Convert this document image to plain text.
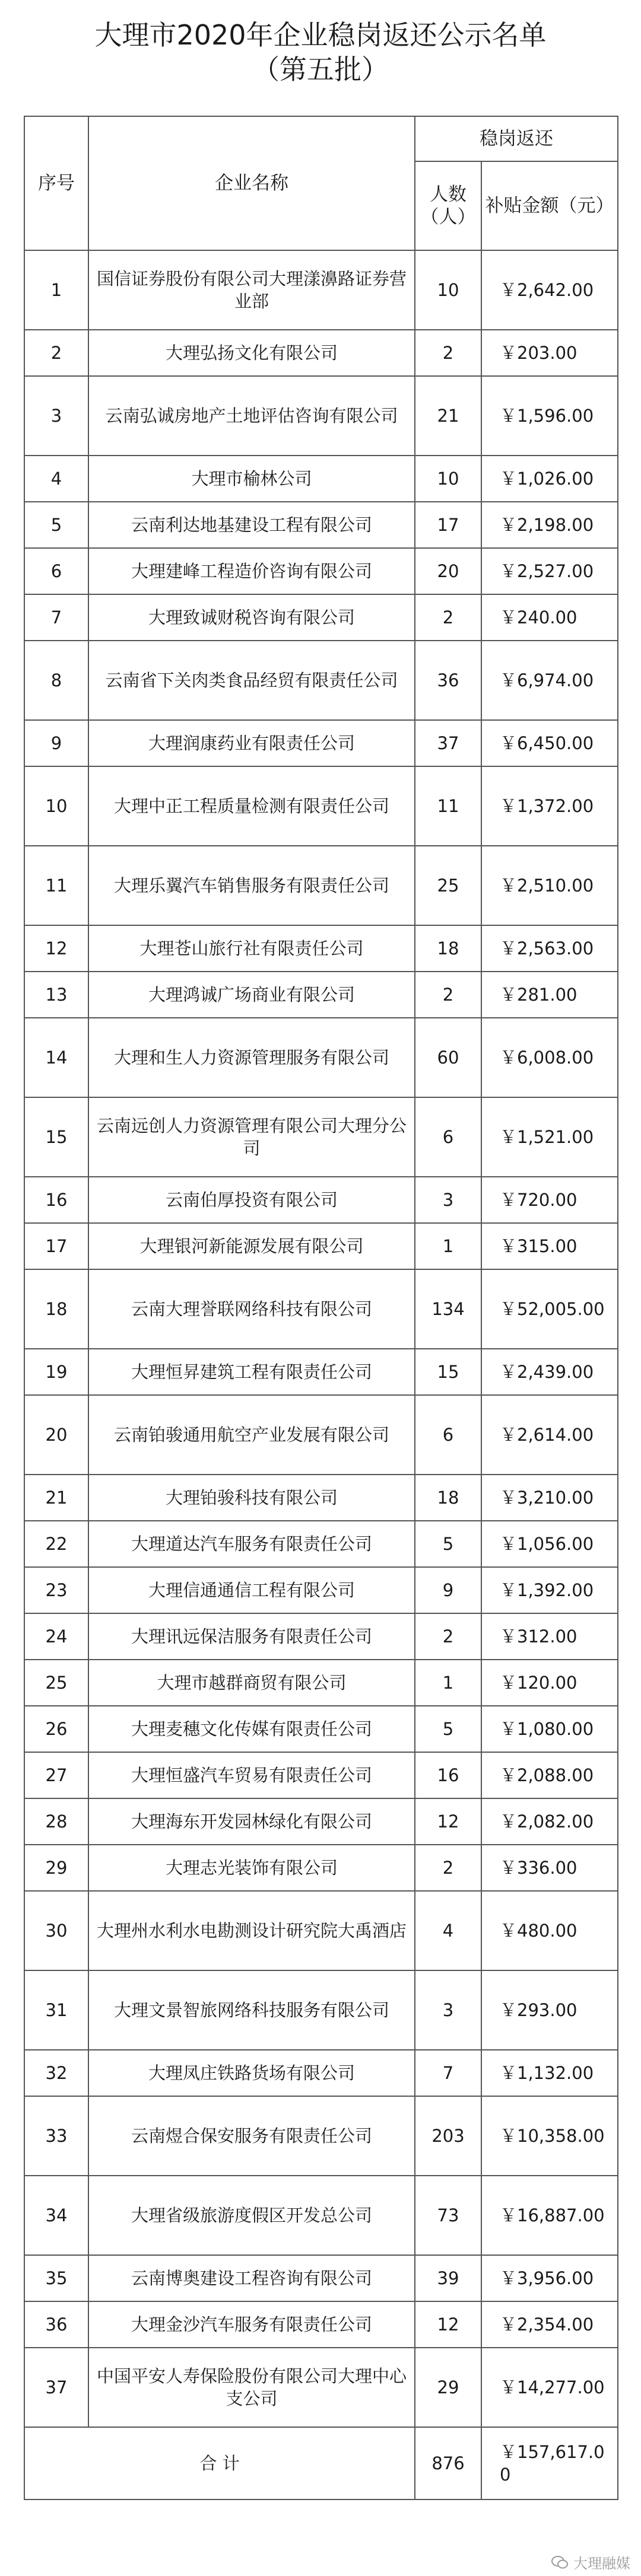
大理市2020年企业稳岗返还公示名单
（第五批）
序号	企业名称	稳岗返还	
		人数（人）	补贴金额（元）
1	国信证券股份有限公司大理漾濞路证券营业部	10	￥2,642.00
2	大理弘扬文化有限公司	2	￥203.00
3	云南弘诚房地产土地评估咨询有限公司	21	￥1,596.00
4	大理市榆林公司	10	￥1,026.00
5	云南利达地基建设工程有限公司	17	￥2,198.00
6	大理建峰工程造价咨询有限公司	20	￥2,527.00
7	大理致诚财税咨询有限公司	2	￥240.00
8	云南省下关肉类食品经贸有限责任公司	36	￥6,974.00
9	大理润康药业有限责任公司	37	￥6,450.00
10	大理中正工程质量检测有限责任公司	11	￥1,372.00
11	大理乐翼汽车销售服务有限责任公司	25	￥2,510.00
12	大理苍山旅行社有限责任公司	18	￥2,563.00
13	大理鸿诚广场商业有限公司	2	￥281.00
14	大理和生人力资源管理服务有限公司	60	￥6,008.00
15	云南远创人力资源管理有限公司大理分公司	6	￥1,521.00
16	云南伯厚投资有限公司	3	￥720.00
17	大理银河新能源发展有限公司	1	￥315.00
18	云南大理誉联网络科技有限公司	134	￥52,005.00
19	大理恒昇建筑工程有限责任公司	15	￥2,439.00
20	云南铂骏通用航空产业发展有限公司	6	￥2,614.00
21	大理铂骏科技有限公司	18	￥3,210.00
22	大理道达汽车服务有限责任公司	5	￥1,056.00
23	大理信通通信工程有限公司	9	￥1,392.00
24	大理讯远保洁服务有限责任公司	2	￥312.00
25	大理市越群商贸有限公司	1	￥120.00
26	大理麦穗文化传媒有限责任公司	5	￥1,080.00
27	大理恒盛汽车贸易有限责任公司	16	￥2,088.00
28	大理海东开发园林绿化有限公司	12	￥2,082.00
29	大理志光装饰有限公司	2	￥336.00
30	大理州水利水电勘测设计研究院大禹酒店	4	￥480.00
31	大理文景智旅网络科技服务有限公司	3	￥293.00
32	大理凤庄铁路货场有限公司	7	￥1,132.00
33	云南煜合保安服务有限责任公司	203	￥10,358.00
34	大理省级旅游度假区开发总公司	73	￥16,887.00
35	云南博奥建设工程咨询有限公司	39	￥3,956.00
36	大理金沙汽车服务有限责任公司	12	￥2,354.00
37	中国平安人寿保险股份有限公司大理中心支公司	29	￥14,277.00
合 计		876	￥157,617.00
大理融媒
